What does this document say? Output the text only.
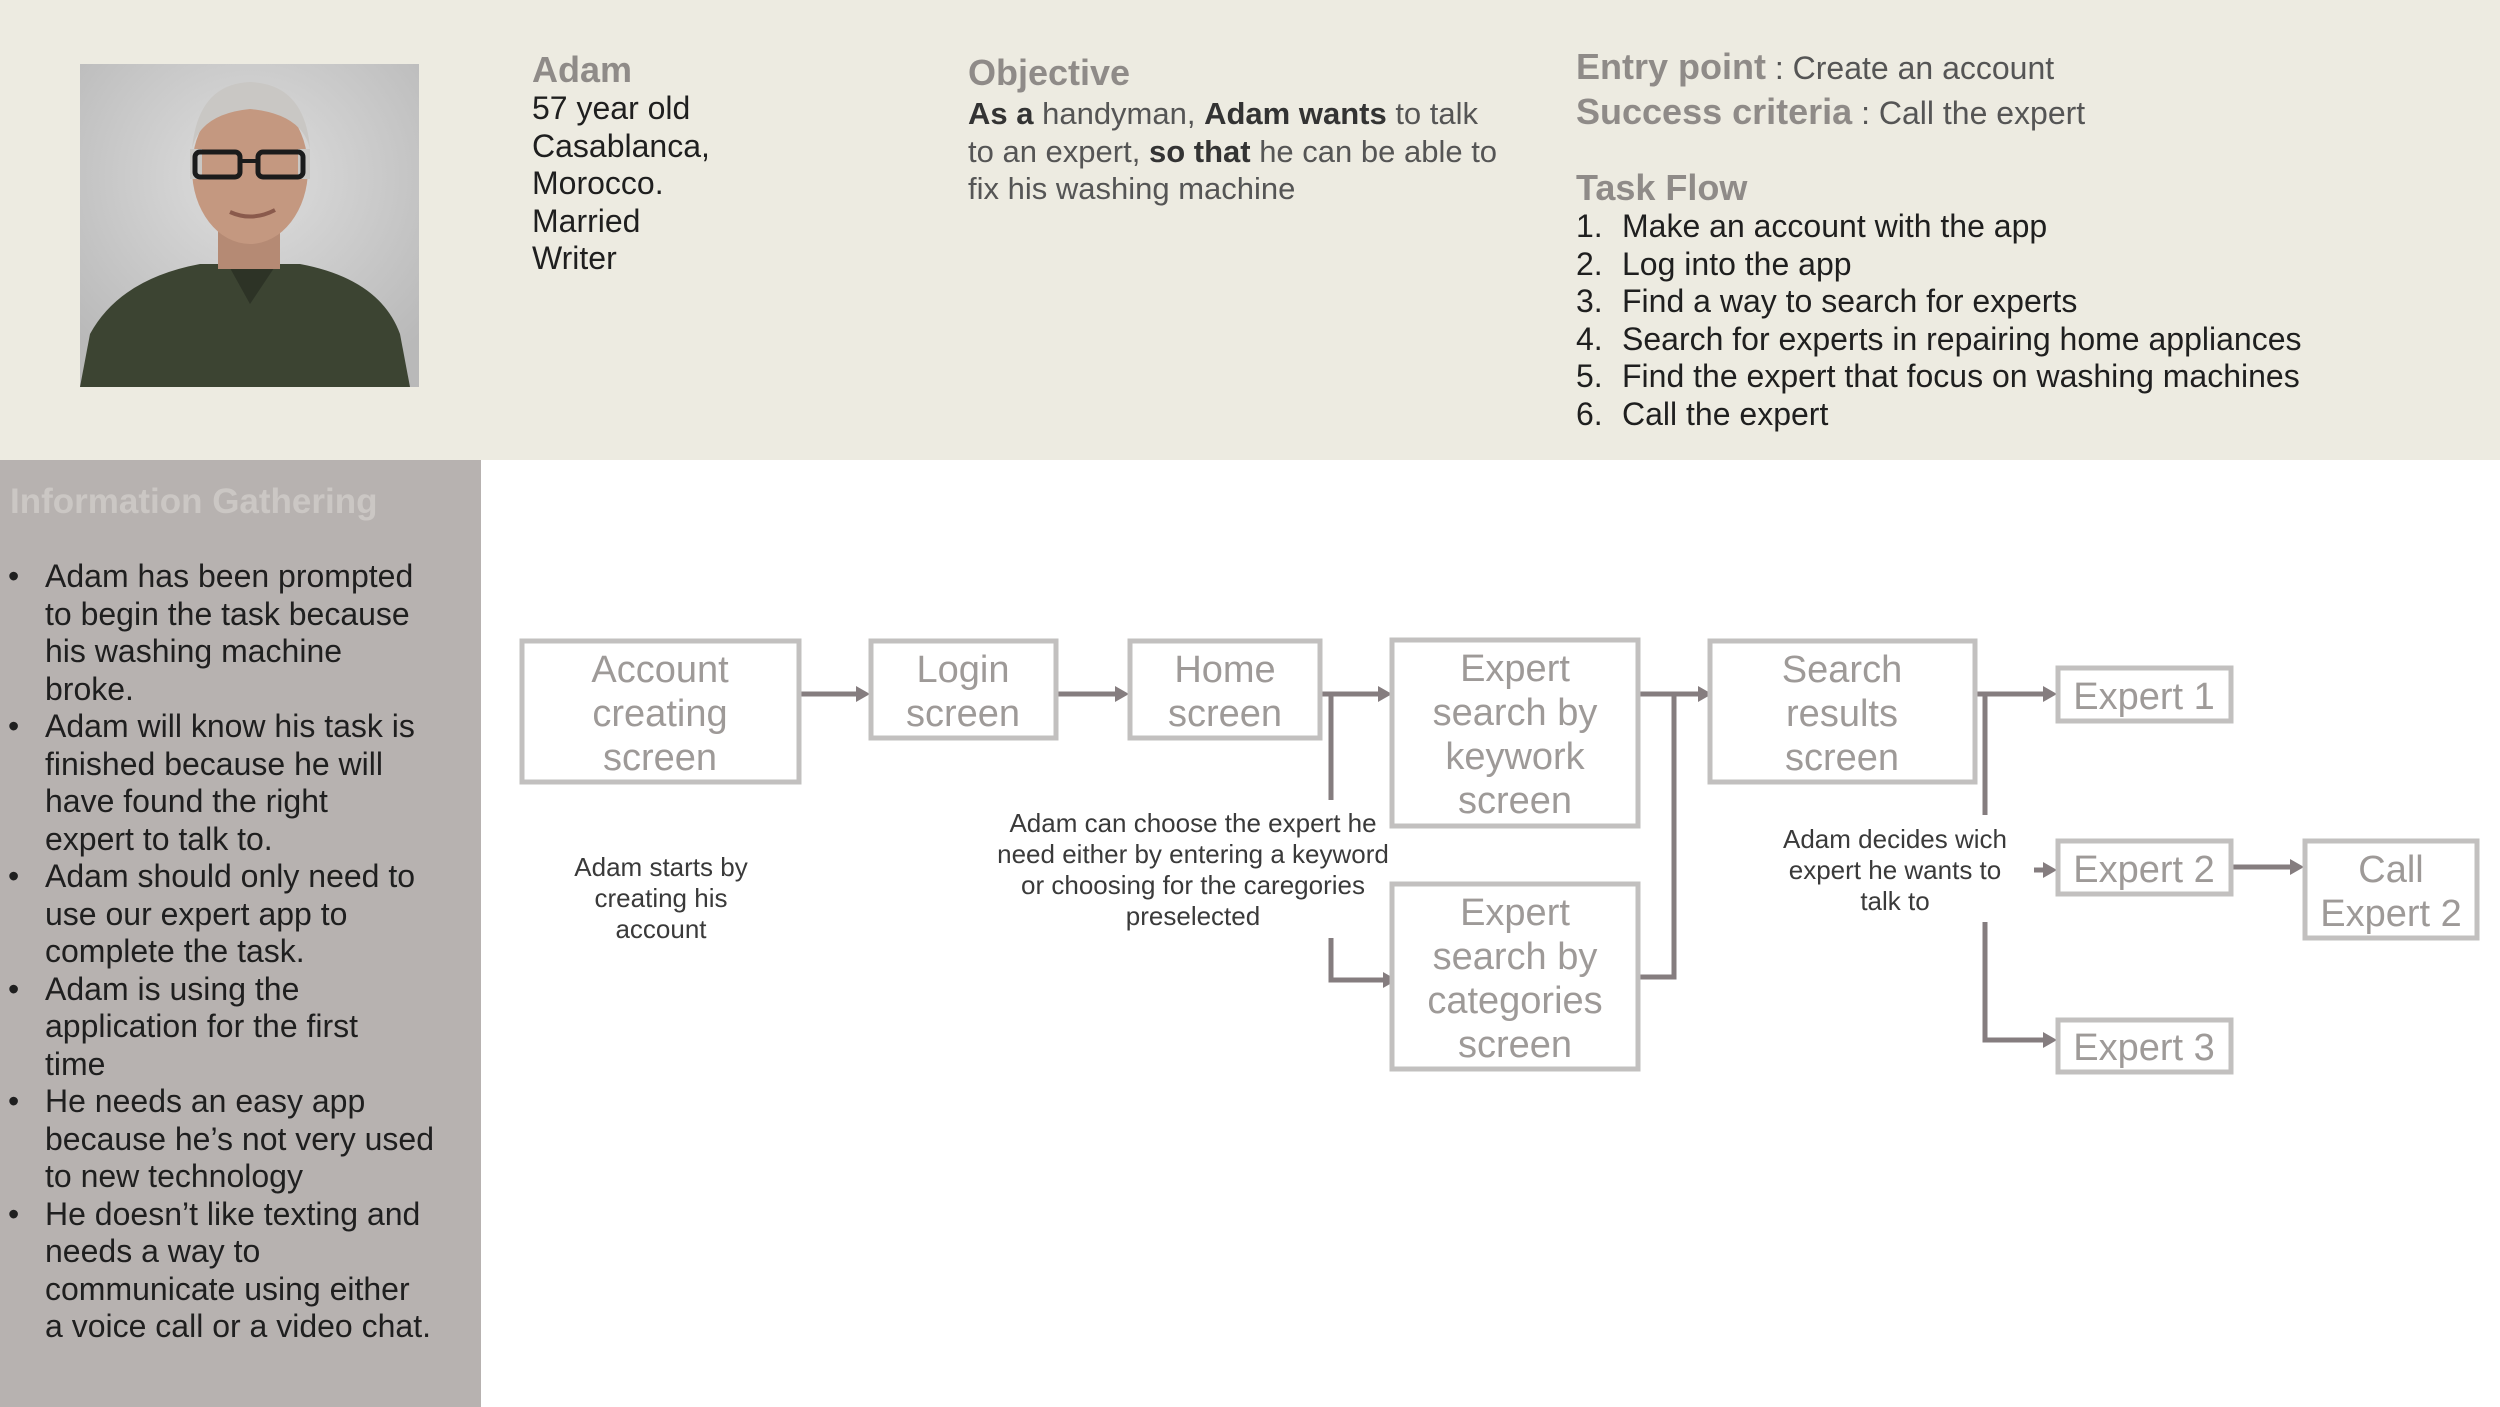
Adam
57 year old
Casablanca,
Morocco.
Married
Writer
Objective
As a handyman, Adam wants to talk to an expert, so that he can be able to fix his washing machine
Entry point : Create an account
Success criteria : Call the expert
Task Flow
1. Make an account with the app
2. Log into the app
3. Find a way to search for experts
4. Search for experts in repairing home appliances
5. Find the expert that focus on washing machines
6. Call the expert
Information Gathering
• Adam has been prompted
to begin the task because
his washing machine
broke.
• Adam will know his task is
finished because he will
have found the right
expert to talk to.
• Adam should only need to
use our expert app to
complete the task.
• Adam is using the
application for the first
time
• He needs an easy app
because he’s not very used
to new technology
• He doesn’t like texting and
needs a way to
communicate using either
a voice call or a video chat.
Account
creating
screen
Login
screen
Home
screen
Expert
search by
keywork
screen
Expert
search by
categories
screen
Search
results
screen
Expert 1
Expert 2
Expert 3
Call
Expert 2
Adam starts by
creating his
account
Adam can choose the expert he
need either by entering a keyword
or choosing for the caregories
preselected
Adam decides wich
expert he wants to
talk to
